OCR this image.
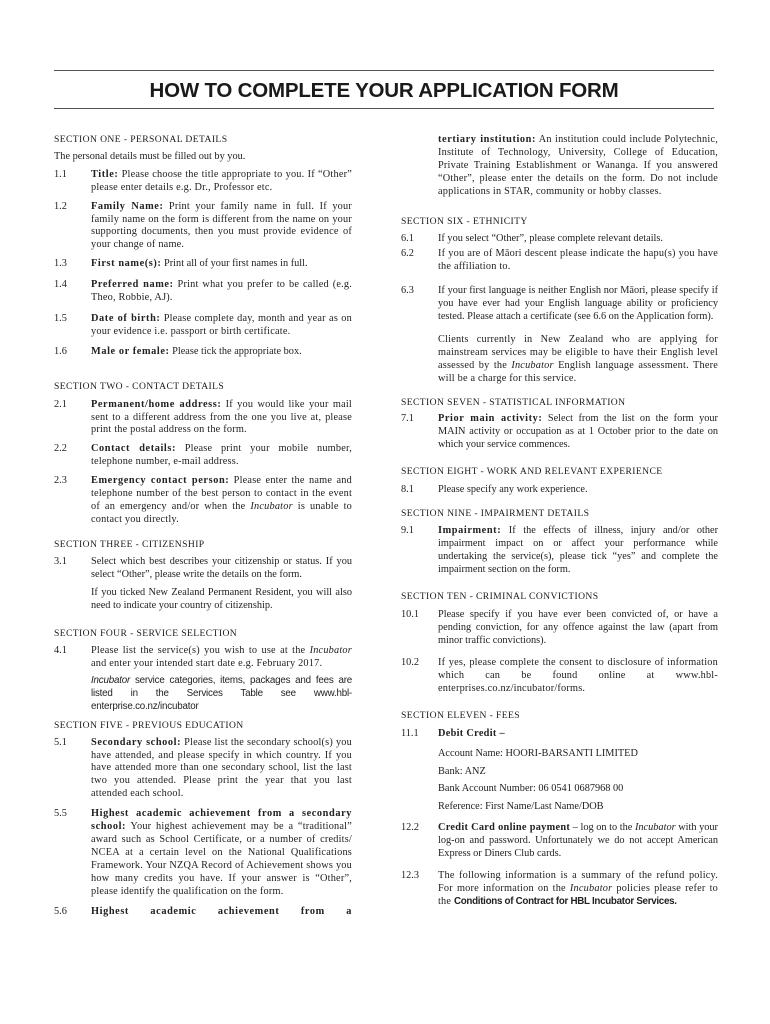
HOW TO COMPLETE YOUR APPLICATION FORM

SECTION ONE - PERSONAL DETAILS

The personal details must be filled out by you.

1.1	Title: Please choose the title appropriate to you. If “Other” please enter details e.g. Dr., Professor etc.
1.2	Family Name: Print your family name in full. If your family name on the form is different from the name on your supporting documents, then you must provide evidence of your change of name.
1.3	First name(s): Print all of your first names in full.
1.4	Preferred name: Print what you prefer to be called (e.g. Theo, Robbie, AJ).
1.5	Date of birth: Please complete day, month and year as on your evidence i.e. passport or birth certificate.
1.6	Male or female: Please tick the appropriate box.

SECTION TWO - CONTACT DETAILS

2.1	Permanent/home address: If you would like your mail sent to a different address from the one you live at, please print the postal address on the form.
2.2	Contact details: Please print your mobile number, telephone number, e-mail address.
2.3	Emergency contact person: Please enter the name and telephone number of the best person to contact in the event of an emergency and/or when the Incubator is unable to contact you directly.

SECTION THREE - CITIZENSHIP

3.1	Select which best describes your citizenship or status. If you select “Other”, please write the details on the form.

If you ticked New Zealand Permanent Resident, you will also need to indicate your country of citizenship.

SECTION FOUR - SERVICE SELECTION

4.1	Please list the service(s) you wish to use at the Incubator and enter your intended start date e.g. February 2017.

Incubator service categories, items, packages and fees are listed in the Services Table see www.hbl-enterprise.co.nz/incubator

SECTION FIVE - PREVIOUS EDUCATION

5.1	Secondary school: Please list the secondary school(s) you have attended, and please specify in which country. If you have attended more than one secondary school, list the last two you attended. Please print the year that you last attended each school.
5.5	Highest academic achievement from a secondary school: Your highest achievement may be a “traditional” award such as School Certificate, or a number of credits/ NCEA at a certain level on the National Qualifications Framework. Your NZQA Record of Achievement shows you how many credits you have. If your answer is “Other”, please identify the qualification on the form.
5.6	Highest academic achievement from a

tertiary institution: An institution could include Polytechnic, Institute of Technology, University, College of Education, Private Training Establishment or Wananga. If you answered “Other”, please enter the details on the form. Do not include applications in STAR, community or hobby classes.

SECTION SIX - ETHNICITY

6.1	If you select “Other”, please complete relevant details.
6.2	If you are of Māori descent please indicate the hapu(s) you have the affiliation to.
6.3	If your first language is neither English nor Māori, please specify if you have ever had your English language ability or proficiency tested. Please attach a certificate (see 6.6 on the Application form).

Clients currently in New Zealand who are applying for mainstream services may be eligible to have their English level assessed by the Incubator English language assessment. There will be a charge for this service.

SECTION SEVEN - STATISTICAL INFORMATION

7.1	Prior main activity: Select from the list on the form your MAIN activity or occupation as at 1 October prior to the date on which your service commences.

SECTION EIGHT - WORK AND RELEVANT EXPERIENCE

8.1	Please specify any work experience.

SECTION NINE - IMPAIRMENT DETAILS

9.1	Impairment: If the effects of illness, injury and/or other impairment impact on or affect your performance while undertaking the service(s), please tick “yes” and complete the impairment section on the form.

SECTION TEN - CRIMINAL CONVICTIONS

10.1	Please specify if you have ever been convicted of, or have a pending conviction, for any offence against the law (apart from minor traffic convictions).
10.2	If yes, please complete the consent to disclosure of information which can be found online at www.hbl-enterprises.co.nz/incubator/forms.

SECTION ELEVEN - FEES

11.1	Debit Credit –

Account Name: HOORI-BARSANTI LIMITED

Bank: ANZ

Bank Account Number: 06 0541 0687968 00

Reference: First Name/Last Name/DOB

12.2	Credit Card online payment – log on to the Incubator with your log-on and password. Unfortunately we do not accept American Express or Diners Club cards.
12.3	The following information is a summary of the refund policy. For more information on the Incubator policies please refer to the Conditions of Contract for HBL Incubator Services.
